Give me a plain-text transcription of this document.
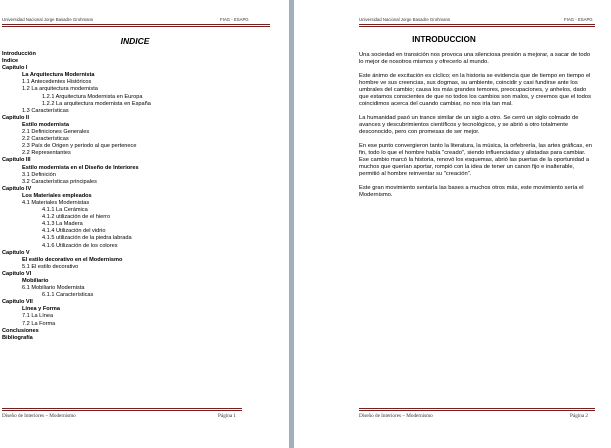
Universidad Nacional Jorge Basadre Grohmann	FIAG - ESAPG
INDICE
Introducción
Indice
Capítulo I
La Arquitectura Modernista
1.1 Antecedentes Históricos
1.2 La arquitectura modernista
1.2.1 Arquitectura Modernista en Europa
1.2.2 La arquitectura modernista en España
1.3 Características
Capítulo II
Estilo modernista
2.1 Definiciones Generales
2.2 Características
2.3 País de Origen y periodo al que pertenece
2.2 Representantes
Capítulo III
Estilo modernista en el Diseño de Interiores
3.1 Definición
3.2 Características principales
Capítulo IV
Los Materiales empleados
4.1 Materiales Modernistas
4.1.1 La Cerámica
4.1.2 utilización de el hierro
4.1.3 La Madera
4.1.4 Utilización del vidrio
4.1.5 utilización de la piedra labrada
4.1.6 Utilización de los colores
Capítulo V
El estilo decorativo en el Modernismo
5.1 El estilo decorativo
Capítulo VI
Mobiliario
6.1 Mobiliario Modernista
6.1.1 Características
Capítulo VII
Línea y Forma
7.1 La Línea
7.2 La Forma
Conclusiones
Bibliografía
Diseño de Interiores – Modernismo	Página 1
Universidad Nacional Jorge Basadre Grohmann	FIAG - ESAPG
INTRODUCCION

Una sociedad en transición nos provoca una silenciosa presión a mejorar, a sacar de todo lo mejor de nosotros mismos y ofrecerlo al mundo.

Este ánimo de excitación es cíclico; en la historia se evidencia que de tiempo en tiempo el hombre ve sus creencias, sus dogmas, su ambiente, coincidir y casi fundirse ante los umbrales del cambio; causa los más grandes temores, preocupaciones, y anhelos, dado que estamos conscientes de que no todos los cambios son malos, y creemos que el todos coincidimos acerca del cuando cambiar, no nos iría tan mal.

La humanidad pasó un trance similar de un siglo a otro. Se cerró un siglo colmado de avances y descubrimientos científicos y tecnológicos, y se abrió a otro totalmente desconocido, pero con promesas de ser mejor.

En ese punto convergieron tanto la literatura, la música, la orfebrería, las artes gráficas, en fin, todo lo que el hombre había "creado", siendo influenciadas y alistadas para cambiar. Ese cambio marcó la historia, renovó los esquemas, abrió las puertas de la oportunidad a muchos que querían aportar, rompió con la idea de tener un canon fijo e inalterable, permitió al hombre reinventar su "creación".

Este gran movimiento sentaría las bases a muchos otros más, este movimiento sería el Modernismo.

Diseño de Interiores – Modernismo	Página 2
